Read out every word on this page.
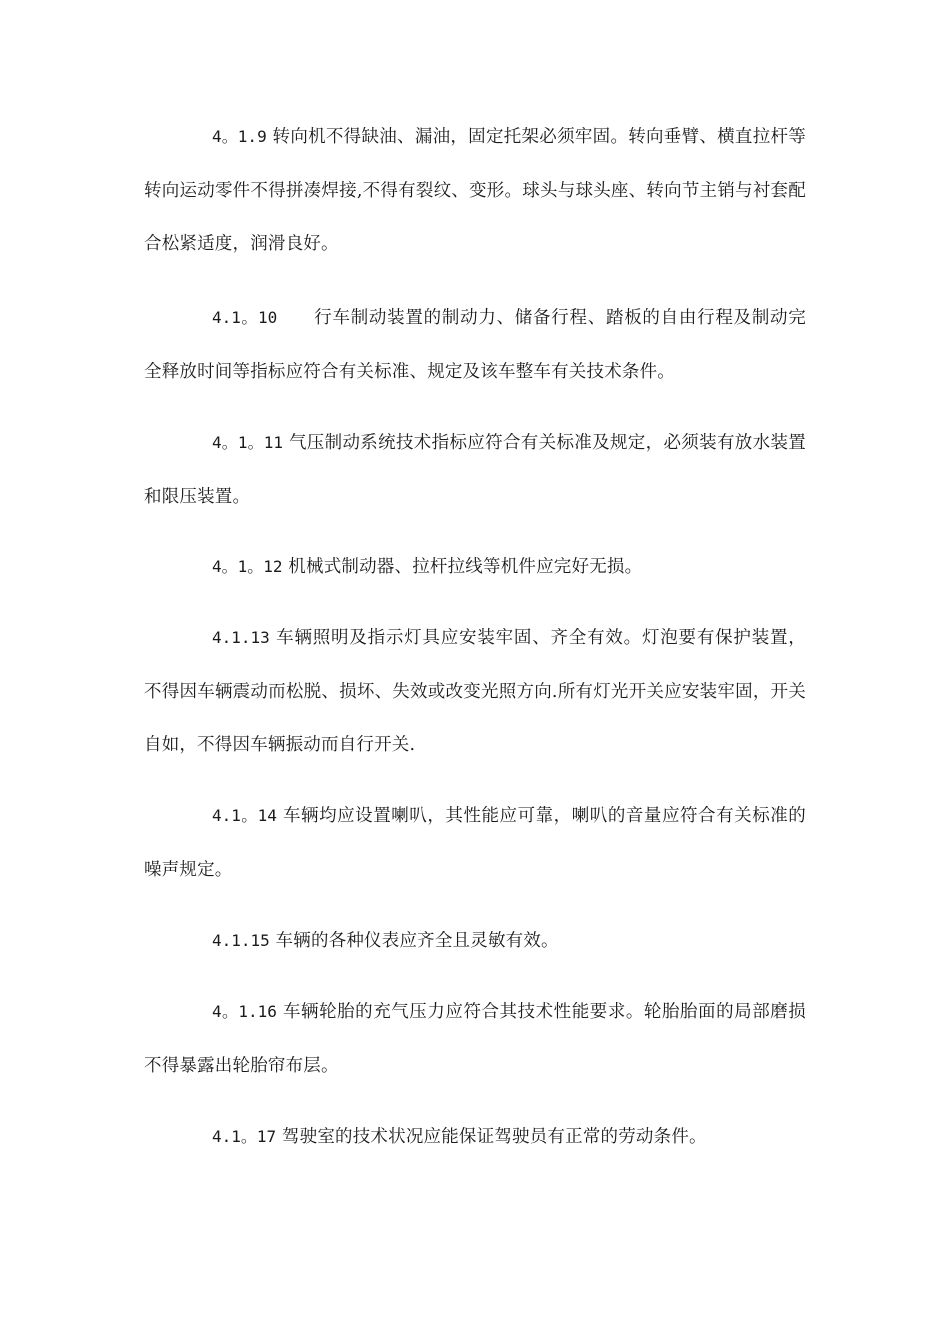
4。1.9 转向机不得缺油、漏油，固定托架必须牢固。转向垂臂、横直拉杆等转向运动零件不得拼凑焊接,不得有裂纹、变形。球头与球头座、转向节主销与衬套配合松紧适度，润滑良好。

4.1。10　　行车制动装置的制动力、储备行程、踏板的自由行程及制动完全释放时间等指标应符合有关标准、规定及该车整车有关技术条件。

4。1。11 气压制动系统技术指标应符合有关标准及规定，必须装有放水装置和限压装置。

4。1。12 机械式制动器、拉杆拉线等机件应完好无损。

4.1.13 车辆照明及指示灯具应安装牢固、齐全有效。灯泡要有保护装置，不得因车辆震动而松脱、损坏、失效或改变光照方向.所有灯光开关应安装牢固，开关自如，不得因车辆振动而自行开关.

4.1。14 车辆均应设置喇叭，其性能应可靠，喇叭的音量应符合有关标准的噪声规定。

4.1.15 车辆的各种仪表应齐全且灵敏有效。

4。1.16 车辆轮胎的充气压力应符合其技术性能要求。轮胎胎面的局部磨损不得暴露出轮胎帘布层。

4.1。17 驾驶室的技术状况应能保证驾驶员有正常的劳动条件。
